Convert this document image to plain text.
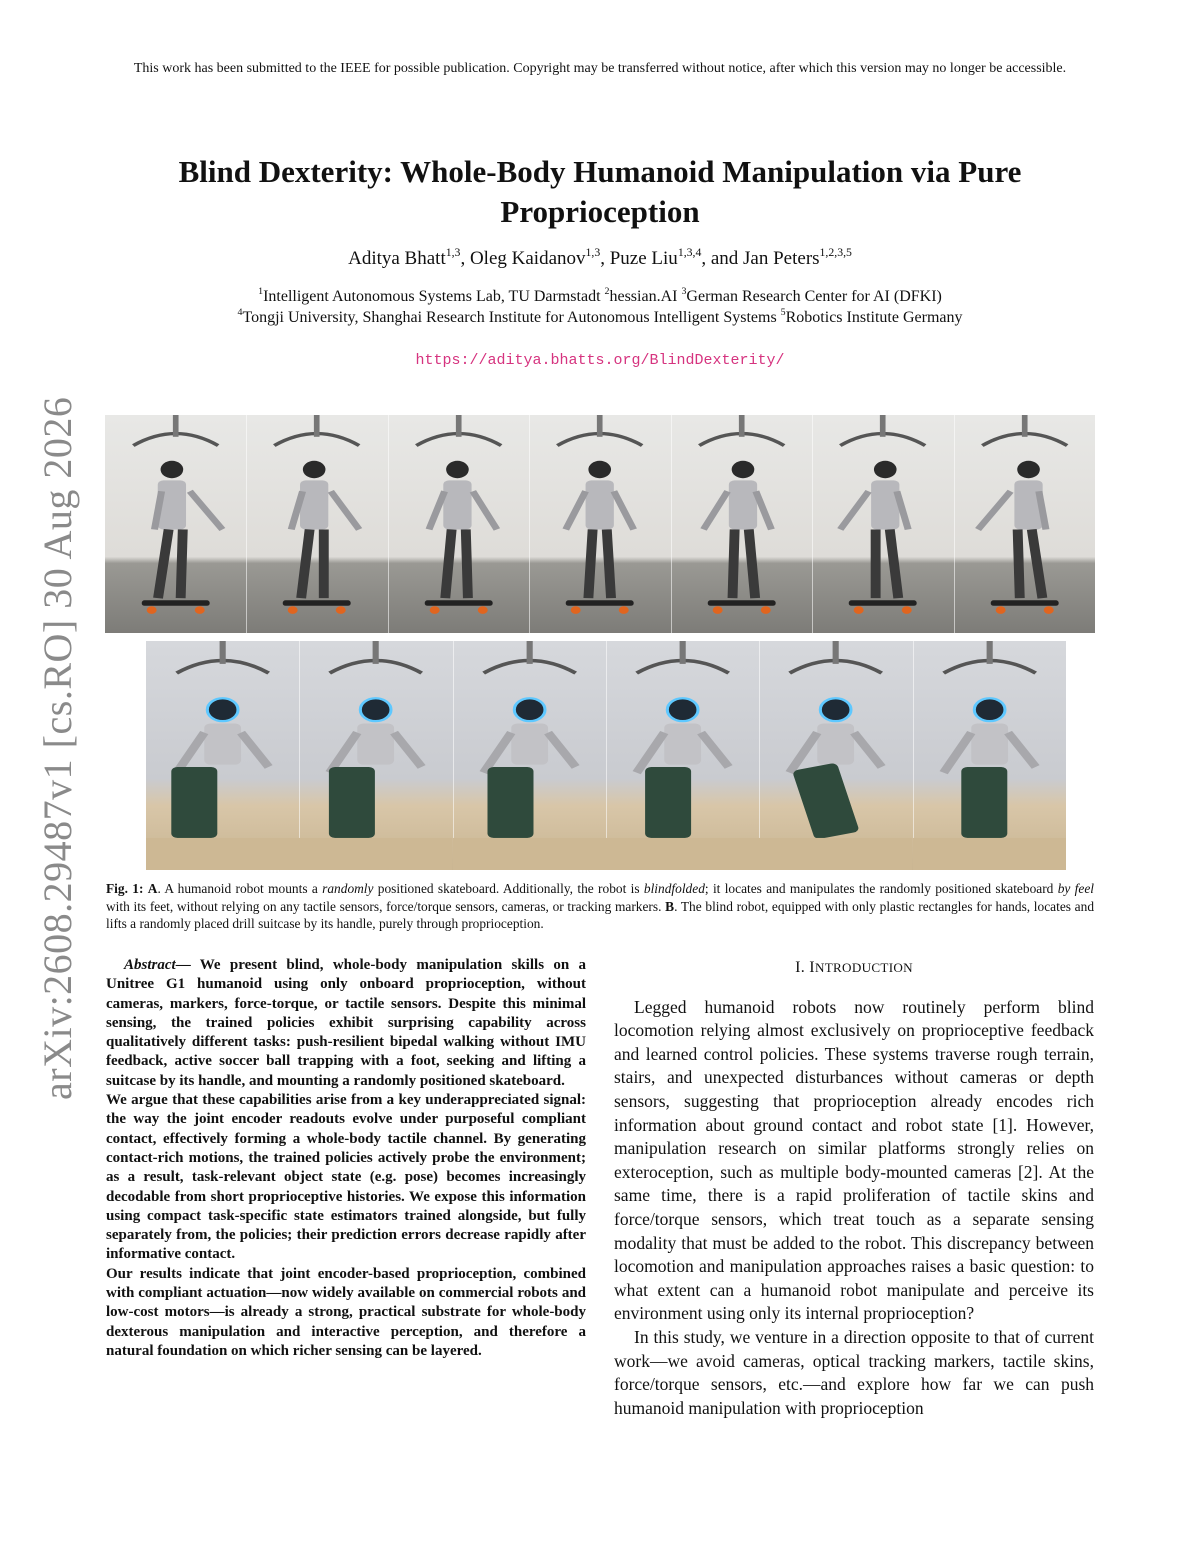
This work has been submitted to the IEEE for possible publication. Copyright may be transferred without notice, after which this version may no longer be accessible.
Blind Dexterity: Whole-Body Humanoid Manipulation via Pure Proprioception
Aditya Bhatt$^{1,3}$, Oleg Kaidanov$^{1,3}$, Puze Liu$^{1,3,4}$, and Jan Peters$^{1,2,3,5}$
$^1$Intelligent Autonomous Systems Lab, TU Darmstadt $^2$hessian.AI $^3$German Research Center for AI (DFKI)
$^4$Tongji University, Shanghai Research Institute for Autonomous Intelligent Systems $^5$Robotics Institute Germany
https://aditya.bhatts.org/BlindDexterity/
arXiv:2608.29487v1 [cs.RO] 30 Aug 2026 Fig. 1: A. A humanoid robot mounts a randomly positioned skateboard. Additionally, the robot is blindfolded; it locates and manipulates the randomly positioned skateboard by feel with its feet, without relying on any tactile sensors, force/torque sensors, cameras, or tracking markers. B. The blind robot, equipped with only plastic rectangles for hands, locates and lifts a randomly placed drill suitcase by its handle, purely through proprioception.

Abstract— We present blind, whole-body manipulation skills on a Unitree G1 humanoid using only onboard proprioception, without cameras, markers, force-torque, or tactile sensors. Despite this minimal sensing, the trained policies exhibit surprising capability across qualitatively different tasks: push-resilient bipedal walking without IMU feedback, active soccer ball trapping with a foot, seeking and lifting a suitcase by its handle, and mounting a randomly positioned skateboard.

We argue that these capabilities arise from a key underappreciated signal: the way the joint encoder readouts evolve under purposeful compliant contact, effectively forming a whole-body tactile channel. By generating contact-rich motions, the trained policies actively probe the environment; as a result, task-relevant object state (e.g. pose) becomes increasingly decodable from short proprioceptive histories. We expose this information using compact task-specific state estimators trained alongside, but fully separately from, the policies; their prediction errors decrease rapidly after informative contact.

Our results indicate that joint encoder-based proprioception, combined with compliant actuation—now widely available on commercial robots and low-cost motors—is already a strong, practical substrate for whole-body dexterous manipulation and interactive perception, and therefore a natural foundation on which richer sensing can be layered.

I. INTRODUCTION

Legged humanoid robots now routinely perform blind locomotion relying almost exclusively on proprioceptive feedback and learned control policies. These systems traverse rough terrain, stairs, and unexpected disturbances without cameras or depth sensors, suggesting that proprioception already encodes rich information about ground contact and robot state [1]. However, manipulation research on similar platforms strongly relies on exteroception, such as multiple body-mounted cameras [2]. At the same time, there is a rapid proliferation of tactile skins and force/torque sensors, which treat touch as a separate sensing modality that must be added to the robot. This discrepancy between locomotion and manipulation approaches raises a basic question: to what extent can a humanoid robot manipulate and perceive its environment using only its internal proprioception?

In this study, we venture in a direction opposite to that of current work—we avoid cameras, optical tracking markers, tactile skins, force/torque sensors, etc.—and explore how far we can push humanoid manipulation with proprioception
